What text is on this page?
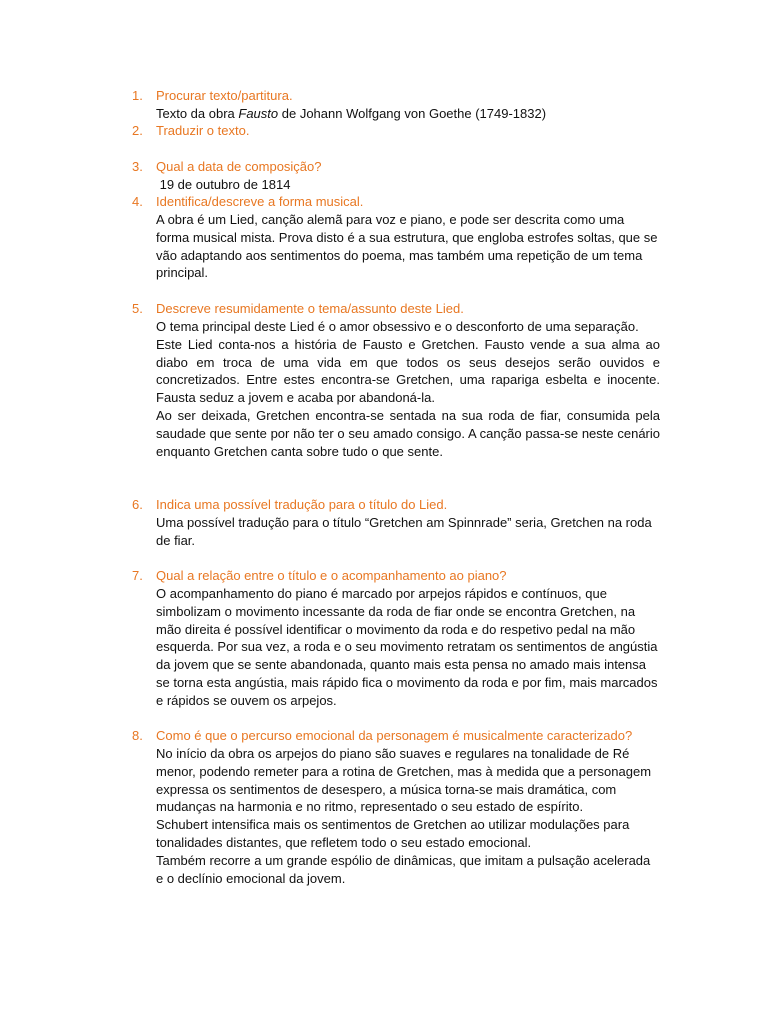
1.	Procurar texto/partitura.
Texto da obra Fausto de Johann Wolfgang von Goethe (1749-1832)
2.	Traduzir o texto.
3.	Qual a data de composição?
19 de outubro de 1814
4.	Identifica/descreve a forma musical.
A obra é um Lied, canção alemã para voz e piano, e pode ser descrita como uma forma musical mista. Prova disto é a sua estrutura, que engloba estrofes soltas, que se vão adaptando aos sentimentos do poema, mas também uma repetição de um tema principal.
5.	Descreve resumidamente o tema/assunto deste Lied.

O tema principal deste Lied é o amor obsessivo e o desconforto de uma separação.

Este Lied conta-nos a história de Fausto e Gretchen. Fausto vende a sua alma ao diabo em troca de uma vida em que todos os seus desejos serão ouvidos e concretizados. Entre estes encontra-se Gretchen, uma rapariga esbelta e inocente. Fausta seduz a jovem e acaba por abandoná-la.

Ao ser deixada, Gretchen encontra-se sentada na sua roda de fiar, consumida pela saudade que sente por não ter o seu amado consigo. A canção passa-se neste cenário enquanto Gretchen canta sobre tudo o que sente.

6.	Indica uma possível tradução para o título do Lied.
Uma possível tradução para o título “Gretchen am Spinnrade” seria, Gretchen na roda de fiar.
7.	Qual a relação entre o título e o acompanhamento ao piano?
O acompanhamento do piano é marcado por arpejos rápidos e contínuos, que simbolizam o movimento incessante da roda de fiar onde se encontra Gretchen, na mão direita é possível identificar o movimento da roda e do respetivo pedal na mão esquerda. Por sua vez, a roda e o seu movimento retratam os sentimentos de angústia da jovem que se sente abandonada, quanto mais esta pensa no amado mais intensa se torna esta angústia, mais rápido fica o movimento da roda e por fim, mais marcados e rápidos se ouvem os arpejos.
8.	Como é que o percurso emocional da personagem é musicalmente caracterizado?

No início da obra os arpejos do piano são suaves e regulares na tonalidade de Ré menor, podendo remeter para a rotina de Gretchen, mas à medida que a personagem expressa os sentimentos de desespero, a música torna-se mais dramática, com mudanças na harmonia e no ritmo, representado o seu estado de espírito.

Schubert intensifica mais os sentimentos de Gretchen ao utilizar modulações para tonalidades distantes, que refletem todo o seu estado emocional.

Também recorre a um grande espólio de dinâmicas, que imitam a pulsação acelerada e o declínio emocional da jovem.
